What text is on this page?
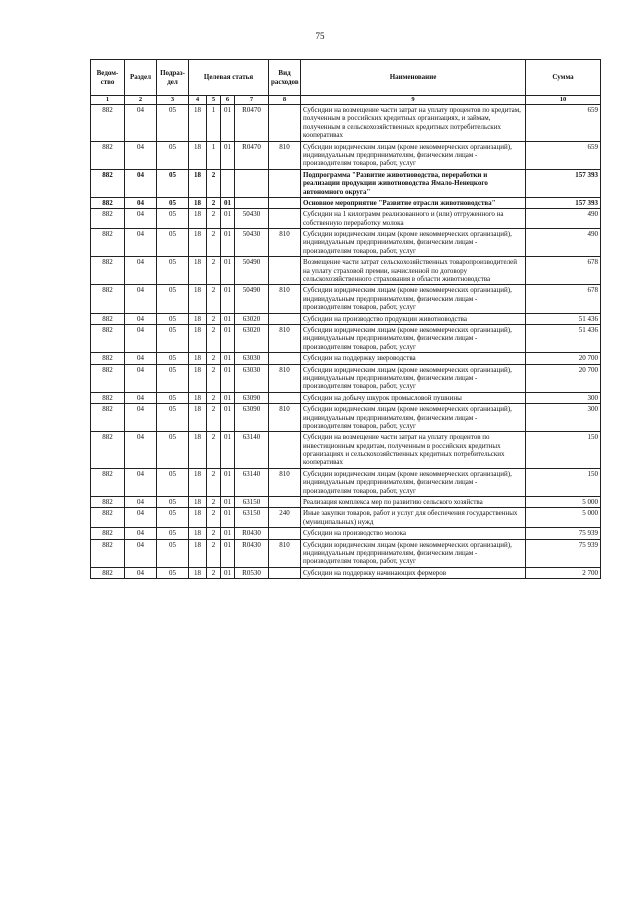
75
Ведом-ство	Раздел	Подраз-дел	Целевая статья				Вид расходов	Наименование	Сумма
1	2	3	4	5	6	7	8	9	10
882	04	05	18	1	01	R0470		Субсидии на возмещение части затрат на уплату процентов по кредитам, полученным в российских кредитных организациях, и займам, полученным в сельскохозяйственных кредитных потребительских кооперативах	659
882	04	05	18	1	01	R0470	810	Субсидии юридическим лицам (кроме некоммерческих организаций), индивидуальным предпринимателям, физическим лицам - производителям товаров, работ, услуг	659
882	04	05	18	2				Подпрограмма "Развитие животноводства, переработки и реализации продукции животноводства Ямало-Ненецкого автономного округа"	157 393
882	04	05	18	2	01			Основное мероприятие "Развитие отрасли животноводства"	157 393
882	04	05	18	2	01	50430		Субсидии на 1 килограмм реализованного и (или) отгруженного на собственную переработку молока	490
882	04	05	18	2	01	50430	810	Субсидии юридическим лицам (кроме некоммерческих организаций), индивидуальным предпринимателям, физическим лицам - производителям товаров, работ, услуг	490
882	04	05	18	2	01	50490		Возмещение части затрат сельскохозяйственных товаропроизводителей на уплату страховой премии, начисленной по договору сельскохозяйственного страхования в области животноводства	678
882	04	05	18	2	01	50490	810	Субсидии юридическим лицам (кроме некоммерческих организаций), индивидуальным предпринимателям, физическим лицам - производителям товаров, работ, услуг	678
882	04	05	18	2	01	63020		Субсидии на производство продукции животноводства	51 436
882	04	05	18	2	01	63020	810	Субсидии юридическим лицам (кроме некоммерческих организаций), индивидуальным предпринимателям, физическим лицам - производителям товаров, работ, услуг	51 436
882	04	05	18	2	01	63030		Субсидии на поддержку звероводства	20 700
882	04	05	18	2	01	63030	810	Субсидии юридическим лицам (кроме некоммерческих организаций), индивидуальным предпринимателям, физическим лицам - производителям товаров, работ, услуг	20 700
882	04	05	18	2	01	63090		Субсидии на добычу шкурок промысловой пушнины	300
882	04	05	18	2	01	63090	810	Субсидии юридическим лицам (кроме некоммерческих организаций), индивидуальным предпринимателям, физическим лицам - производителям товаров, работ, услуг	300
882	04	05	18	2	01	63140		Субсидии на возмещение части затрат на уплату процентов по инвестиционным кредитам, полученным в российских кредитных организациях и сельскохозяйственных кредитных потребительских кооперативах	150
882	04	05	18	2	01	63140	810	Субсидии юридическим лицам (кроме некоммерческих организаций), индивидуальным предпринимателям, физическим лицам - производителям товаров, работ, услуг	150
882	04	05	18	2	01	63150		Реализация комплекса мер по развитию сельского хозяйства	5 000
882	04	05	18	2	01	63150	240	Иные закупки товаров, работ и услуг для обеспечения государственных (муниципальных) нужд	5 000
882	04	05	18	2	01	R0430		Субсидии на производство молока	75 939
882	04	05	18	2	01	R0430	810	Субсидии юридическим лицам (кроме некоммерческих организаций), индивидуальным предпринимателям, физическим лицам - производителям товаров, работ, услуг	75 939
882	04	05	18	2	01	R0530		Субсидии на поддержку начинающих фермеров	2 700
